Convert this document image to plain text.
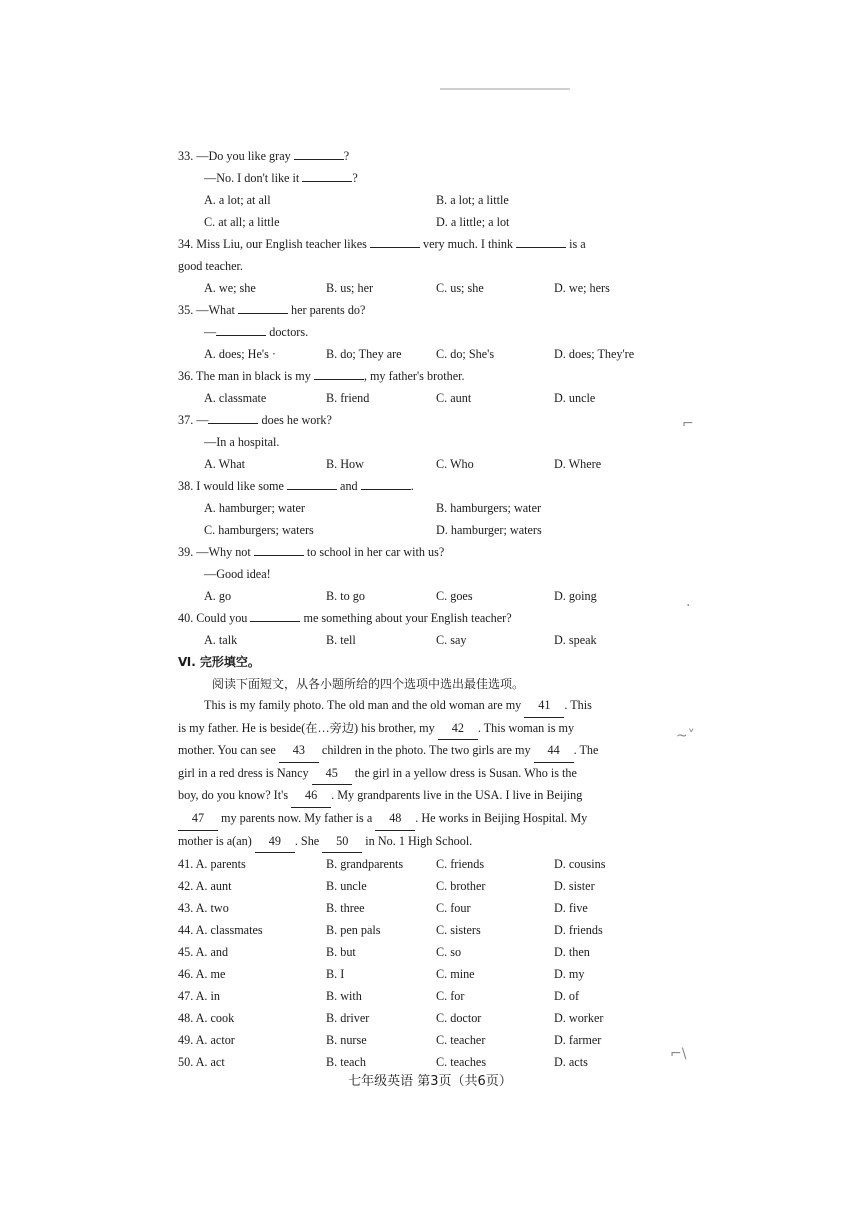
⌐
·
~˅
⌐\
33. —Do you like gray	?
—No. I don't like it	?
A. a lot; at all	B. a lot; a little
C. at all; a little	D. a little; a lot
34. Miss Liu, our English teacher likes	very much. I think	is a
good teacher.
A. we; she	B. us; her	C. us; she	D. we; hers
35. —What	her parents do?
—	doctors.
A. does; He's ·	B. do; They are	C. do; She's	D. does; They're
36. The man in black is my	, my father's brother.
A. classmate	B. friend	C. aunt	D. uncle
37. —	does he work?
—In a hospital.
A. What	B. How	C. Who	D. Where
38. I would like some	and	.
A. hamburger; water	B. hamburgers; water
C. hamburgers; waters	D. hamburger; waters
39. —Why not	to school in her car with us?
—Good idea!
A. go	B. to go	C. goes	D. going
40. Could you	me something about your English teacher?
A. talk	B. tell	C. say	D. speak
Ⅵ. 完形填空。
阅读下面短文，从各小题所给的四个选项中选出最佳选项。
This is my family photo. The old man and the old woman are my 41 . This
is my father. He is beside(在…旁边) his brother, my 42 . This woman is my
mother. You can see 43 children in the photo. The two girls are my 44 . The
girl in a red dress is Nancy 45 the girl in a yellow dress is Susan. Who is the
boy, do you know? It's 46 . My grandparents live in the USA. I live in Beijing
47 my parents now. My father is a 48 . He works in Beijing Hospital. My
mother is a(an) 49 . She 50 in No. 1 High School.
41. A. parents	B. grandparents	C. friends	D. cousins
42. A. aunt	B. uncle	C. brother	D. sister
43. A. two	B. three	C. four	D. five
44. A. classmates	B. pen pals	C. sisters	D. friends
45. A. and	B. but	C. so	D. then
46. A. me	B. I	C. mine	D. my
47. A. in	B. with	C. for	D. of
48. A. cook	B. driver	C. doctor	D. worker
49. A. actor	B. nurse	C. teacher	D. farmer
50. A. act	B. teach	C. teaches	D. acts
七年级英语 第3页（共6页）
